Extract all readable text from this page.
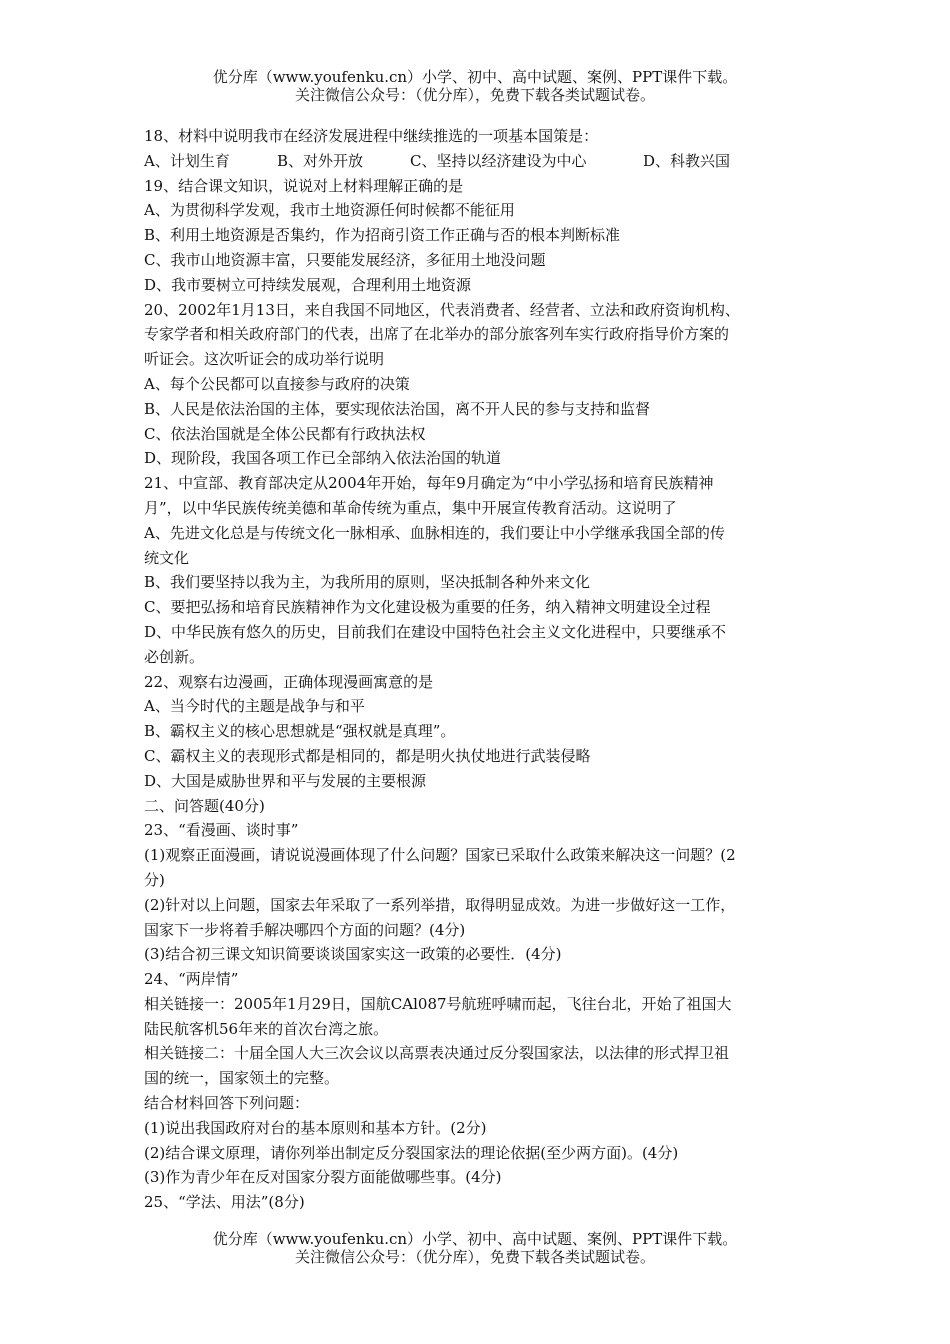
优分库（www.youfenku.cn）小学、初中、高中试题、案例、PPT课件下载。
关注微信公众号：（优分库），免费下载各类试题试卷。
18、材料中说明我市在经济发展进程中继续推选的一项基本国策是：
A、计划生育	B、对外开放	C、坚持以经济建设为中心	D、科教兴国
19、结合课文知识，说说对上材料理解正确的是
A、为贯彻科学发观，我市土地资源任何时候都不能征用
B、利用土地资源是否集约，作为招商引资工作正确与否的根本判断标准
C、我市山地资源丰富，只要能发展经济，多征用土地没问题
D、我市要树立可持续发展观，合理利用土地资源
20、2002年1月13日，来自我国不同地区，代表消费者、经营者、立法和政府资询机构、
专家学者和相关政府部门的代表，出席了在北举办的部分旅客列车实行政府指导价方案的
听证会。这次听证会的成功举行说明
A、每个公民都可以直接参与政府的决策
B、人民是依法治国的主体，要实现依法治国，离不开人民的参与支持和监督
C、依法治国就是全体公民都有行政执法权
D、现阶段，我国各项工作已全部纳入依法治国的轨道
21、中宣部、教育部决定从2004年开始，每年9月确定为“中小学弘扬和培育民族精神
月”，以中华民族传统美德和革命传统为重点，集中开展宣传教育活动。这说明了
A、先进文化总是与传统文化一脉相承、血脉相连的，我们要让中小学继承我国全部的传
统文化
B、我们要坚持以我为主，为我所用的原则，坚决抵制各种外来文化
C、要把弘扬和培育民族精神作为文化建设极为重要的任务，纳入精神文明建设全过程
D、中华民族有悠久的历史，目前我们在建设中国特色社会主义文化进程中，只要继承不
必创新。
22、观察右边漫画，正确体现漫画寓意的是
A、当今时代的主题是战争与和平
B、霸权主义的核心思想就是“强权就是真理”。
C、霸权主义的表现形式都是相同的，都是明火执仗地进行武装侵略
D、大国是威胁世界和平与发展的主要根源
二、问答题(40分)
23、“看漫画、谈时事”
(1)观察正面漫画，请说说漫画体现了什么问题？国家已采取什么政策来解决这一问题？(2
分)
(2)针对以上问题，国家去年采取了一系列举措，取得明显成效。为进一步做好这一工作，
国家下一步将着手解决哪四个方面的问题？(4分)
(3)结合初三课文知识简要谈谈国家实这一政策的必要性．(4分)
24、“两岸情”
相关链接一：2005年1月29日，国航CAl087号航班呼啸而起，飞往台北，开始了祖国大
陆民航客机56年来的首次台湾之旅。
相关链接二：十届全国人大三次会议以高票表决通过反分裂国家法，以法律的形式捍卫祖
国的统一，国家领土的完整。
结合材料回答下列问题：
(1)说出我国政府对台的基本原则和基本方针。(2分)
(2)结合课文原理，请你列举出制定反分裂国家法的理论依据(至少两方面)。(4分)
(3)作为青少年在反对国家分裂方面能做哪些事。(4分)
25、“学法、用法”(8分)
优分库（www.youfenku.cn）小学、初中、高中试题、案例、PPT课件下载。
关注微信公众号：（优分库），免费下载各类试题试卷。
